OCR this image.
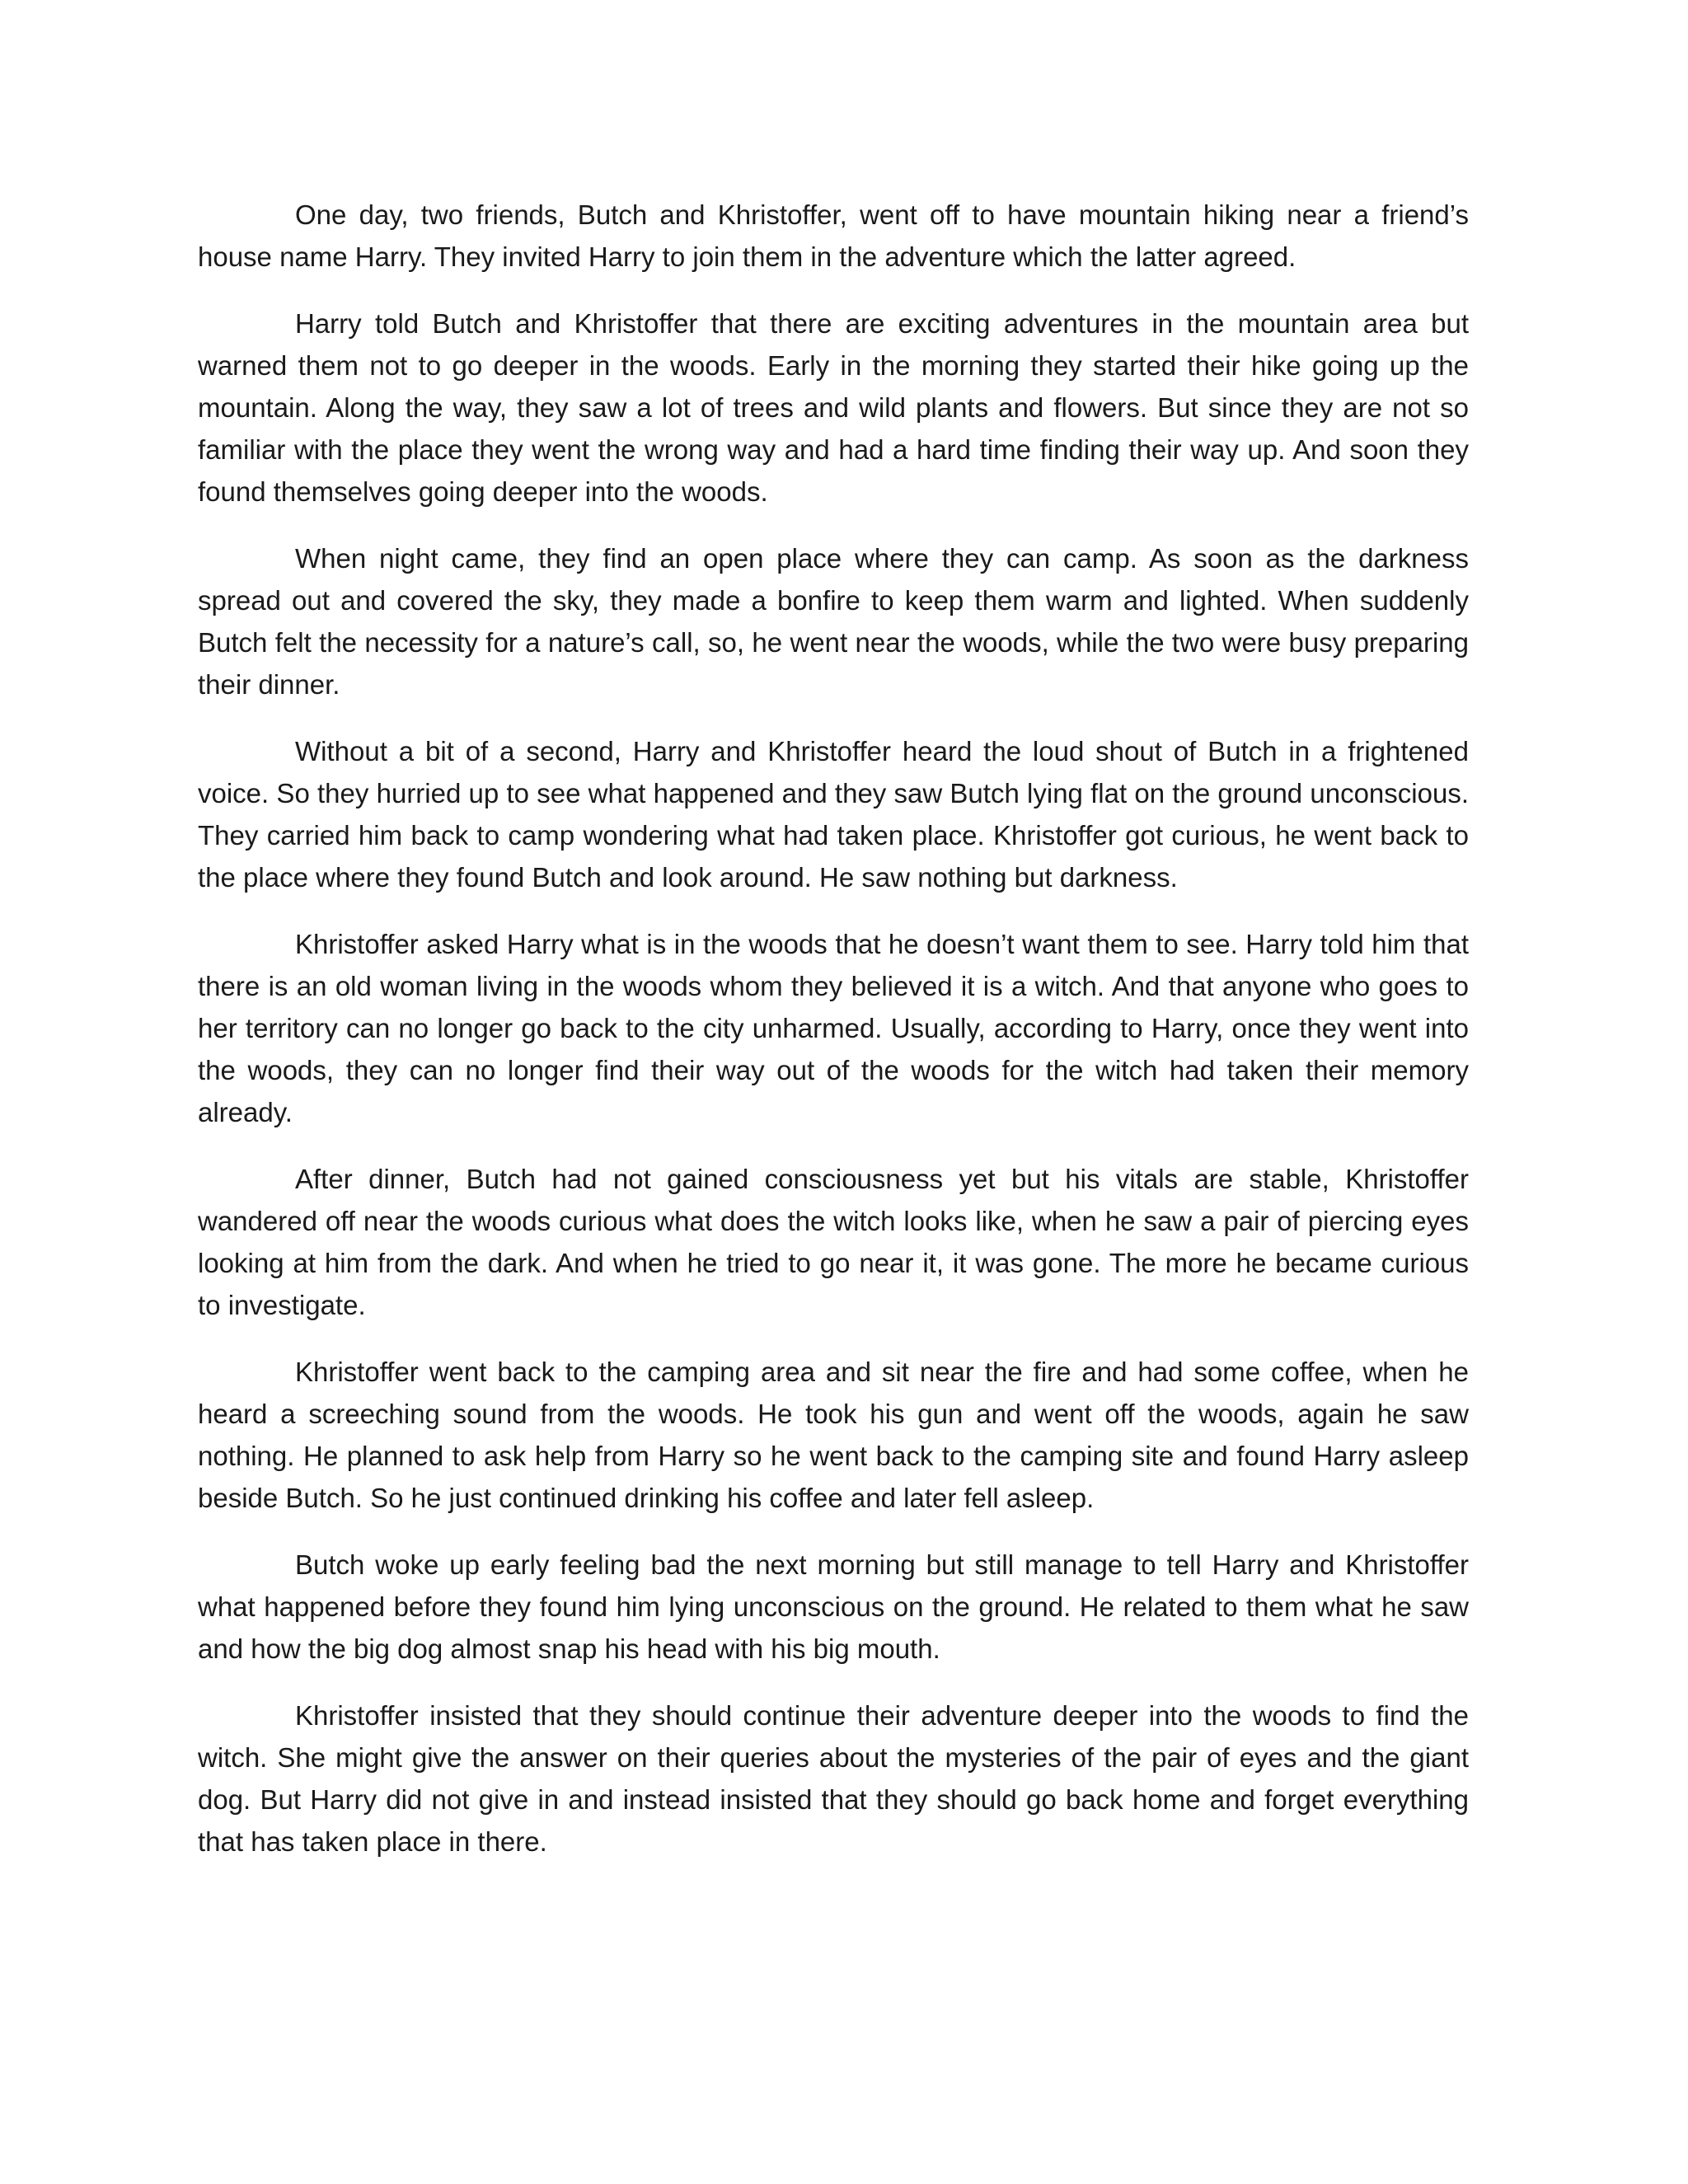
One day, two friends, Butch and Khristoffer, went off to have mountain hiking near a friend’s house name Harry. They invited Harry to join them in the adventure which the latter agreed.

Harry told Butch and Khristoffer that there are exciting adventures in the mountain area but warned them not to go deeper in the woods. Early in the morning they started their hike going up the mountain. Along the way, they saw a lot of trees and wild plants and flowers. But since they are not so familiar with the place they went the wrong way and had a hard time finding their way up. And soon they found themselves going deeper into the woods.

When night came, they find an open place where they can camp. As soon as the darkness spread out and covered the sky, they made a bonfire to keep them warm and lighted. When suddenly Butch felt the necessity for a nature’s call, so, he went near the woods, while the two were busy preparing their dinner.

Without a bit of a second, Harry and Khristoffer heard the loud shout of Butch in a frightened voice. So they hurried up to see what happened and they saw Butch lying flat on the ground unconscious. They carried him back to camp wondering what had taken place. Khristoffer got curious, he went back to the place where they found Butch and look around. He saw nothing but darkness.

Khristoffer asked Harry what is in the woods that he doesn’t want them to see. Harry told him that there is an old woman living in the woods whom they believed it is a witch. And that anyone who goes to her territory can no longer go back to the city unharmed. Usually, according to Harry, once they went into the woods, they can no longer find their way out of the woods for the witch had taken their memory already.

After dinner, Butch had not gained consciousness yet but his vitals are stable, Khristoffer wandered off near the woods curious what does the witch looks like, when he saw a pair of piercing eyes looking at him from the dark. And when he tried to go near it, it was gone. The more he became curious to investigate.

Khristoffer went back to the camping area and sit near the fire and had some coffee, when he heard a screeching sound from the woods. He took his gun and went off the woods, again he saw nothing. He planned to ask help from Harry so he went back to the camping site and found Harry asleep beside Butch. So he just continued drinking his coffee and later fell asleep.

Butch woke up early feeling bad the next morning but still manage to tell Harry and Khristoffer what happened before they found him lying unconscious on the ground. He related to them what he saw and how the big dog almost snap his head with his big mouth.

Khristoffer insisted that they should continue their adventure deeper into the woods to find the witch. She might give the answer on their queries about the mysteries of the pair of eyes and the giant dog. But Harry did not give in and instead insisted that they should go back home and forget everything that has taken place in there.
